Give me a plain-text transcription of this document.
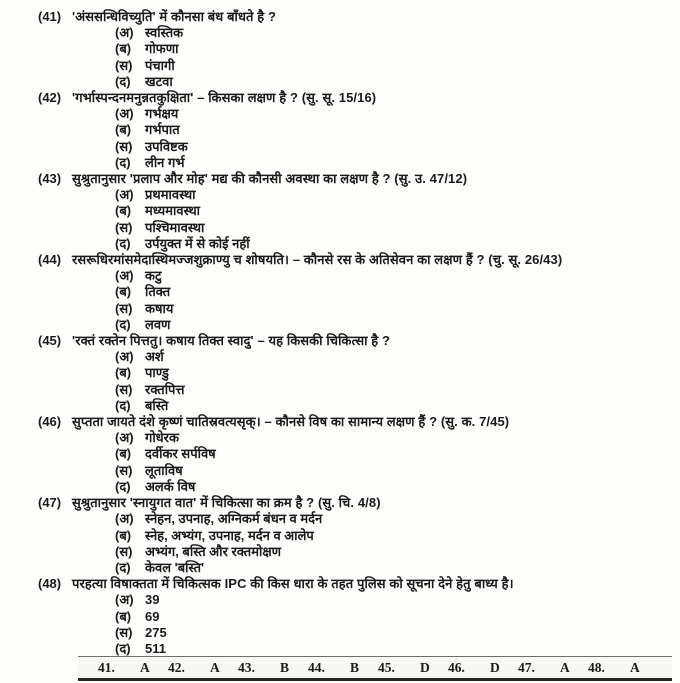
(41) 'अंससन्धिविच्युति' में कौनसा बंध बाँधते है ?
(अ) स्वस्तिक
(ब)	गोफणा
(स) पंचागी
(द)	खटवा
(42) 'गर्भास्पन्दनमनुन्नतकुक्षिता' – किसका लक्षण है ? (सु. सू. 15/16)
(अ) गर्भक्षय
(ब)	गर्भपात
(स) उपविष्टक
(द)	लीन गर्भ
(43) सुश्रुतानुसार 'प्रलाप और मोह' मद्य की कौनसी अवस्था का लक्षण है ? (सु. उ. 47/12)
(अ) प्रथमावस्था
(ब)	मध्यमावस्था
(स) पश्चिमावस्था
(द)	उर्पयुक्त में से कोई नहीं
(44) रसरूधिरमांसमेदास्थिमज्जशुक्राण्यु च शोषयति। – कौनसे रस के अतिसेवन का लक्षण हैं ? (चु. सू. 26/43)
(अ) कटु
(ब)	तिक्त
(स) कषाय
(द)	लवण
(45) 'रक्तं रक्तेन पित्ततु। कषाय तिक्त स्वादु' – यह किसकी चिकित्सा है ?
(अ) अर्श
(ब)	पाण्डु
(स) रक्तपित्त
(द)	बस्ति
(46) सुप्तता जायते दंशे कृष्णं चातिस्रवत्यसृक्। – कौनसे विष का सामान्य लक्षण हैं ? (सु. क. 7/45)
(अ) गोधेरक
(ब)	दर्वीकर सर्पविष
(स) लूताविष
(द)	अलर्क विष
(47) सुश्रुतानुसार 'स्नायुगत वात' में चिकित्सा का क्रम है ? (सु. चि. 4/8)
(अ) स्नेहन, उपनाह, अग्निकर्म बंधन व मर्दन
(ब)	स्नेह, अभ्यंग, उपनाह, मर्दन व आलेप
(स) अभ्यंग, बस्ति और रक्तमोक्षण
(द)	केवल 'बस्ति'
(48) परहत्या विषाक्तता में चिकित्सक IPC की किस धारा के तहत पुलिस को सूचना देने हेतु बाध्य है।
(अ) 39
(ब)	69
(स) 275
(द)	511
41.	A 42.	A 43.	B 44.	B 45.	D 46.	D 47.	A 48.	A
